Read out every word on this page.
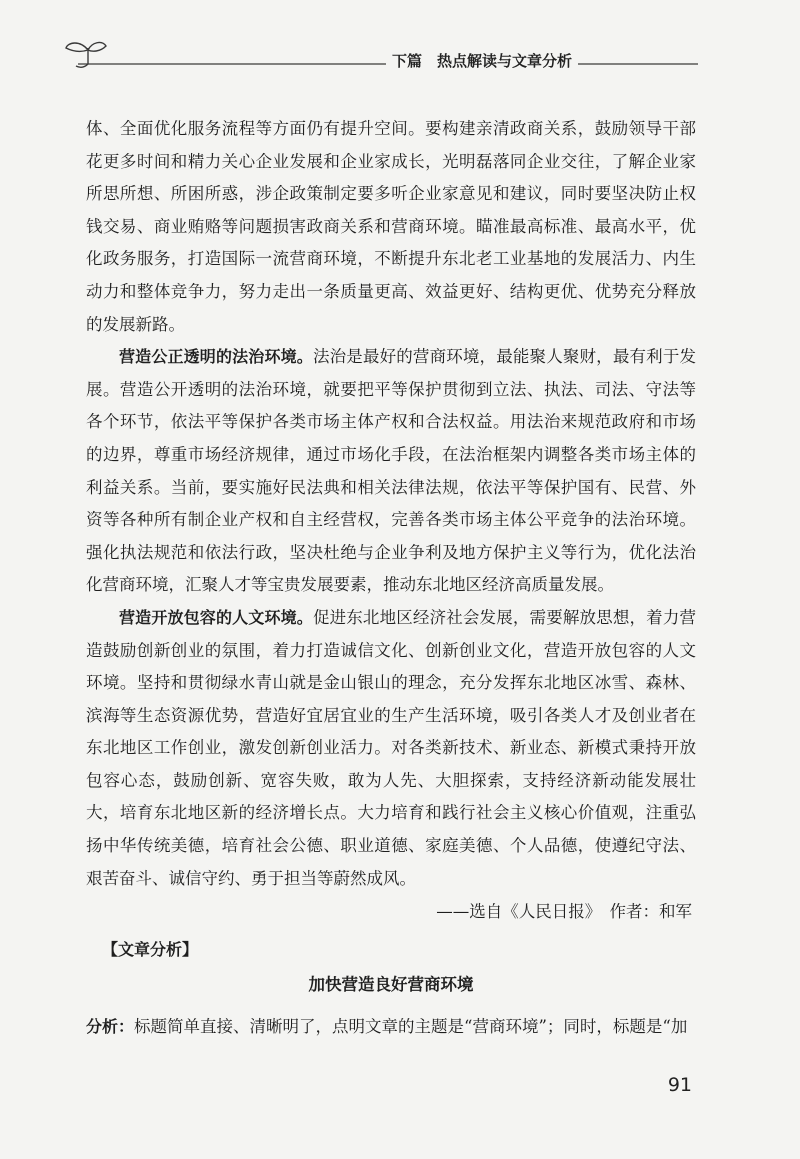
下篇　热点解读与文章分析

体、全面优化服务流程等方面仍有提升空间。要构建亲清政商关系，鼓励领导干部花更多时间和精力关心企业发展和企业家成长，光明磊落同企业交往，了解企业家所思所想、所困所惑，涉企政策制定要多听企业家意见和建议，同时要坚决防止权钱交易、商业贿赂等问题损害政商关系和营商环境。瞄准最高标准、最高水平，优化政务服务，打造国际一流营商环境，不断提升东北老工业基地的发展活力、内生动力和整体竞争力，努力走出一条质量更高、效益更好、结构更优、优势充分释放的发展新路。

营造公正透明的法治环境。法治是最好的营商环境，最能聚人聚财，最有利于发展。营造公开透明的法治环境，就要把平等保护贯彻到立法、执法、司法、守法等各个环节，依法平等保护各类市场主体产权和合法权益。用法治来规范政府和市场的边界，尊重市场经济规律，通过市场化手段，在法治框架内调整各类市场主体的利益关系。当前，要实施好民法典和相关法律法规，依法平等保护国有、民营、外资等各种所有制企业产权和自主经营权，完善各类市场主体公平竞争的法治环境。强化执法规范和依法行政，坚决杜绝与企业争利及地方保护主义等行为，优化法治化营商环境，汇聚人才等宝贵发展要素，推动东北地区经济高质量发展。

营造开放包容的人文环境。促进东北地区经济社会发展，需要解放思想，着力营造鼓励创新创业的氛围，着力打造诚信文化、创新创业文化，营造开放包容的人文环境。坚持和贯彻绿水青山就是金山银山的理念，充分发挥东北地区冰雪、森林、滨海等生态资源优势，营造好宜居宜业的生产生活环境，吸引各类人才及创业者在东北地区工作创业，激发创新创业活力。对各类新技术、新业态、新模式秉持开放包容心态，鼓励创新、宽容失败，敢为人先、大胆探索，支持经济新动能发展壮大，培育东北地区新的经济增长点。大力培育和践行社会主义核心价值观，注重弘扬中华传统美德，培育社会公德、职业道德、家庭美德、个人品德，使遵纪守法、艰苦奋斗、诚信守约、勇于担当等蔚然成风。

——选自《人民日报》　作者：和军

【文章分析】

加快营造良好营商环境

分析：标题简单直接、清晰明了，点明文章的主题是“营商环境”；同时，标题是“加

91
